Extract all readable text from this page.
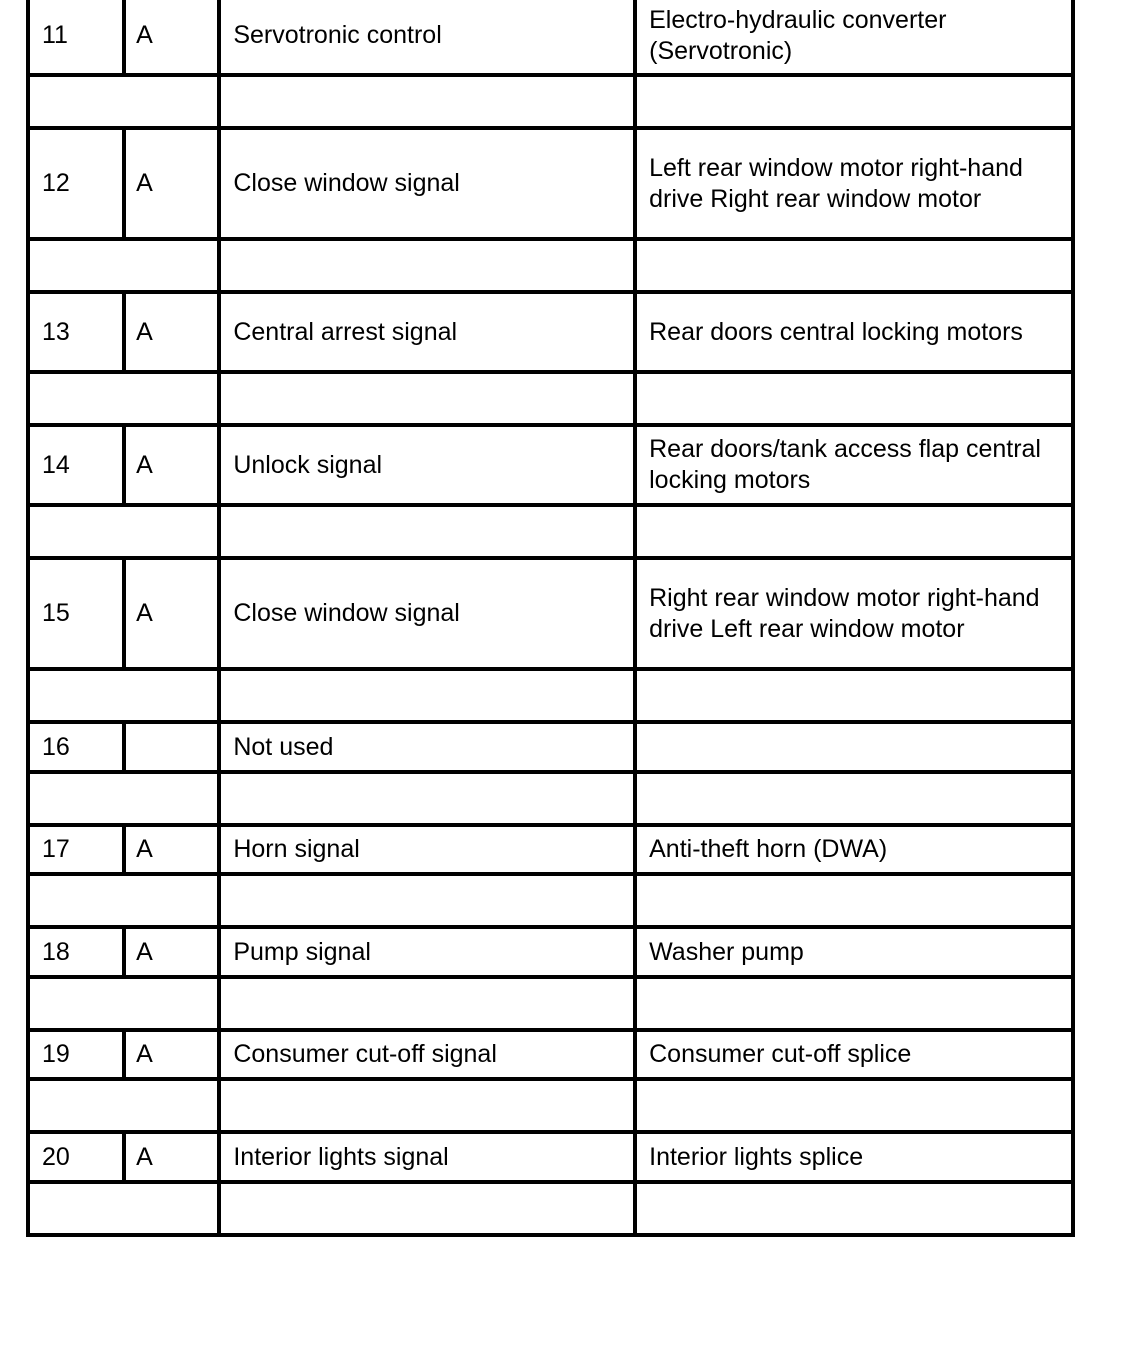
11	A	Servotronic control	Electro-hydraulic converter (Servotronic)

12	A	Close window signal	Left rear window motor right-hand drive Right rear window motor

13	A	Central arrest signal	Rear doors central locking motors

14	A	Unlock signal	Rear doors/tank access flap central locking motors

15	A	Close window signal	Right rear window motor right-hand drive Left rear window motor

16		Not used	

17	A	Horn signal	Anti-theft horn (DWA)

18	A	Pump signal	Washer pump

19	A	Consumer cut-off signal	Consumer cut-off splice

20	A	Interior lights signal	Interior lights splice
